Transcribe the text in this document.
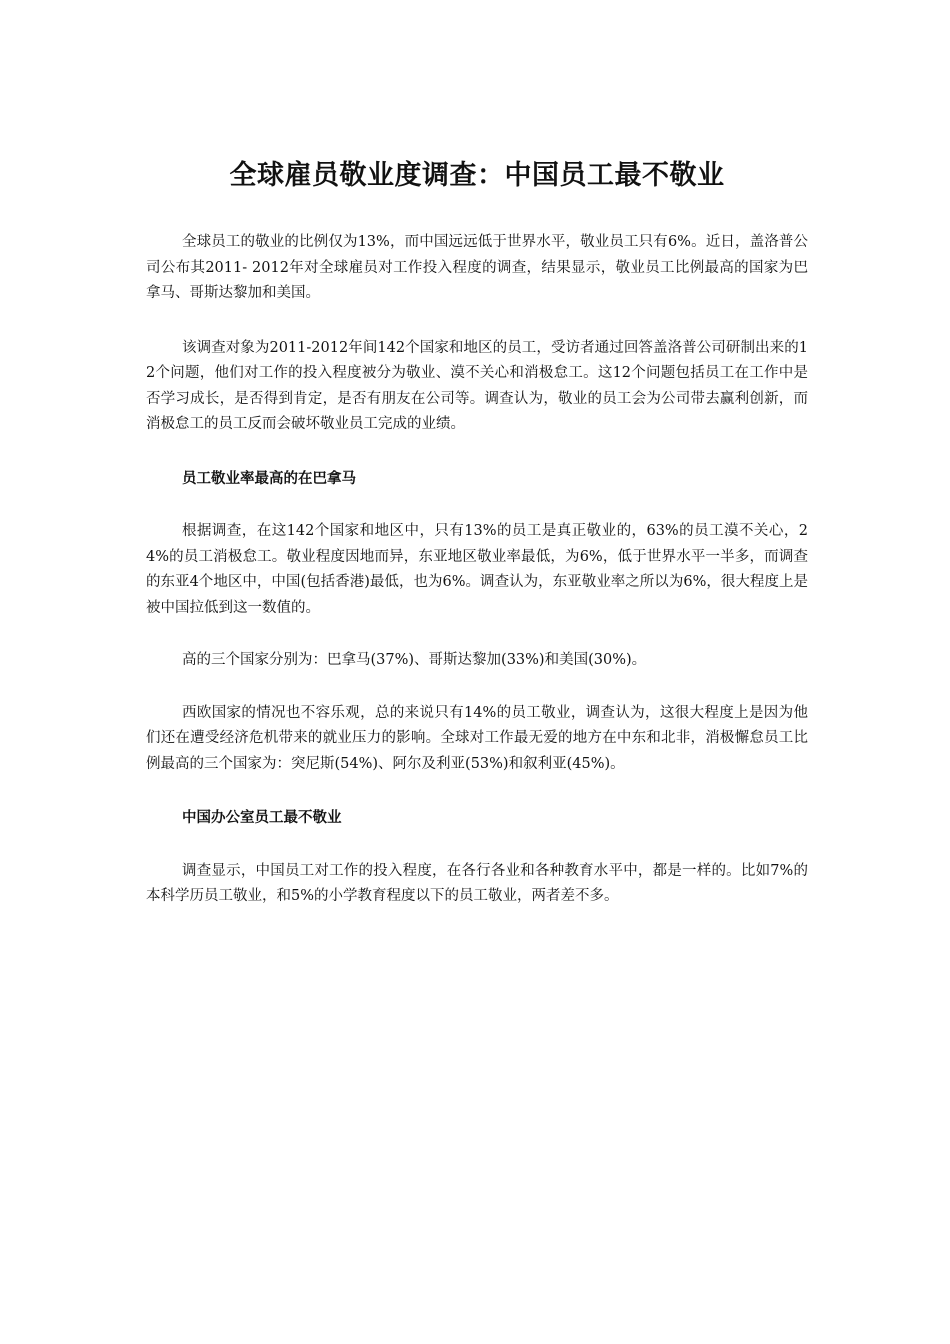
全球雇员敬业度调查：中国员工最不敬业

全球员工的敬业的比例仅为13%，而中国远远低于世界水平，敬业员工只有6%。近日，盖洛普公司公布其2011- 2012年对全球雇员对工作投入程度的调查，结果显示，敬业员工比例最高的国家为巴拿马、哥斯达黎加和美国。

该调查对象为2011-2012年间142个国家和地区的员工，受访者通过回答盖洛普公司研制出来的12个问题，他们对工作的投入程度被分为敬业、漠不关心和消极怠工。这12个问题包括员工在工作中是否学习成长，是否得到肯定，是否有朋友在公司等。调查认为，敬业的员工会为公司带去赢利创新，而消极怠工的员工反而会破坏敬业员工完成的业绩。

员工敬业率最高的在巴拿马

根据调查，在这142个国家和地区中，只有13%的员工是真正敬业的，63%的员工漠不关心，24%的员工消极怠工。敬业程度因地而异，东亚地区敬业率最低，为6%，低于世界水平一半多，而调查的东亚4个地区中，中国(包括香港)最低，也为6%。调查认为，东亚敬业率之所以为6%，很大程度上是被中国拉低到这一数值的。

高的三个国家分别为：巴拿马(37%)、哥斯达黎加(33%)和美国(30%)。

西欧国家的情况也不容乐观，总的来说只有14%的员工敬业，调查认为，这很大程度上是因为他们还在遭受经济危机带来的就业压力的影响。全球对工作最无爱的地方在中东和北非，消极懈怠员工比例最高的三个国家为：突尼斯(54%)、阿尔及利亚(53%)和叙利亚(45%)。

中国办公室员工最不敬业

调查显示，中国员工对工作的投入程度，在各行各业和各种教育水平中，都是一样的。比如7%的本科学历员工敬业，和5%的小学教育程度以下的员工敬业，两者差不多。
